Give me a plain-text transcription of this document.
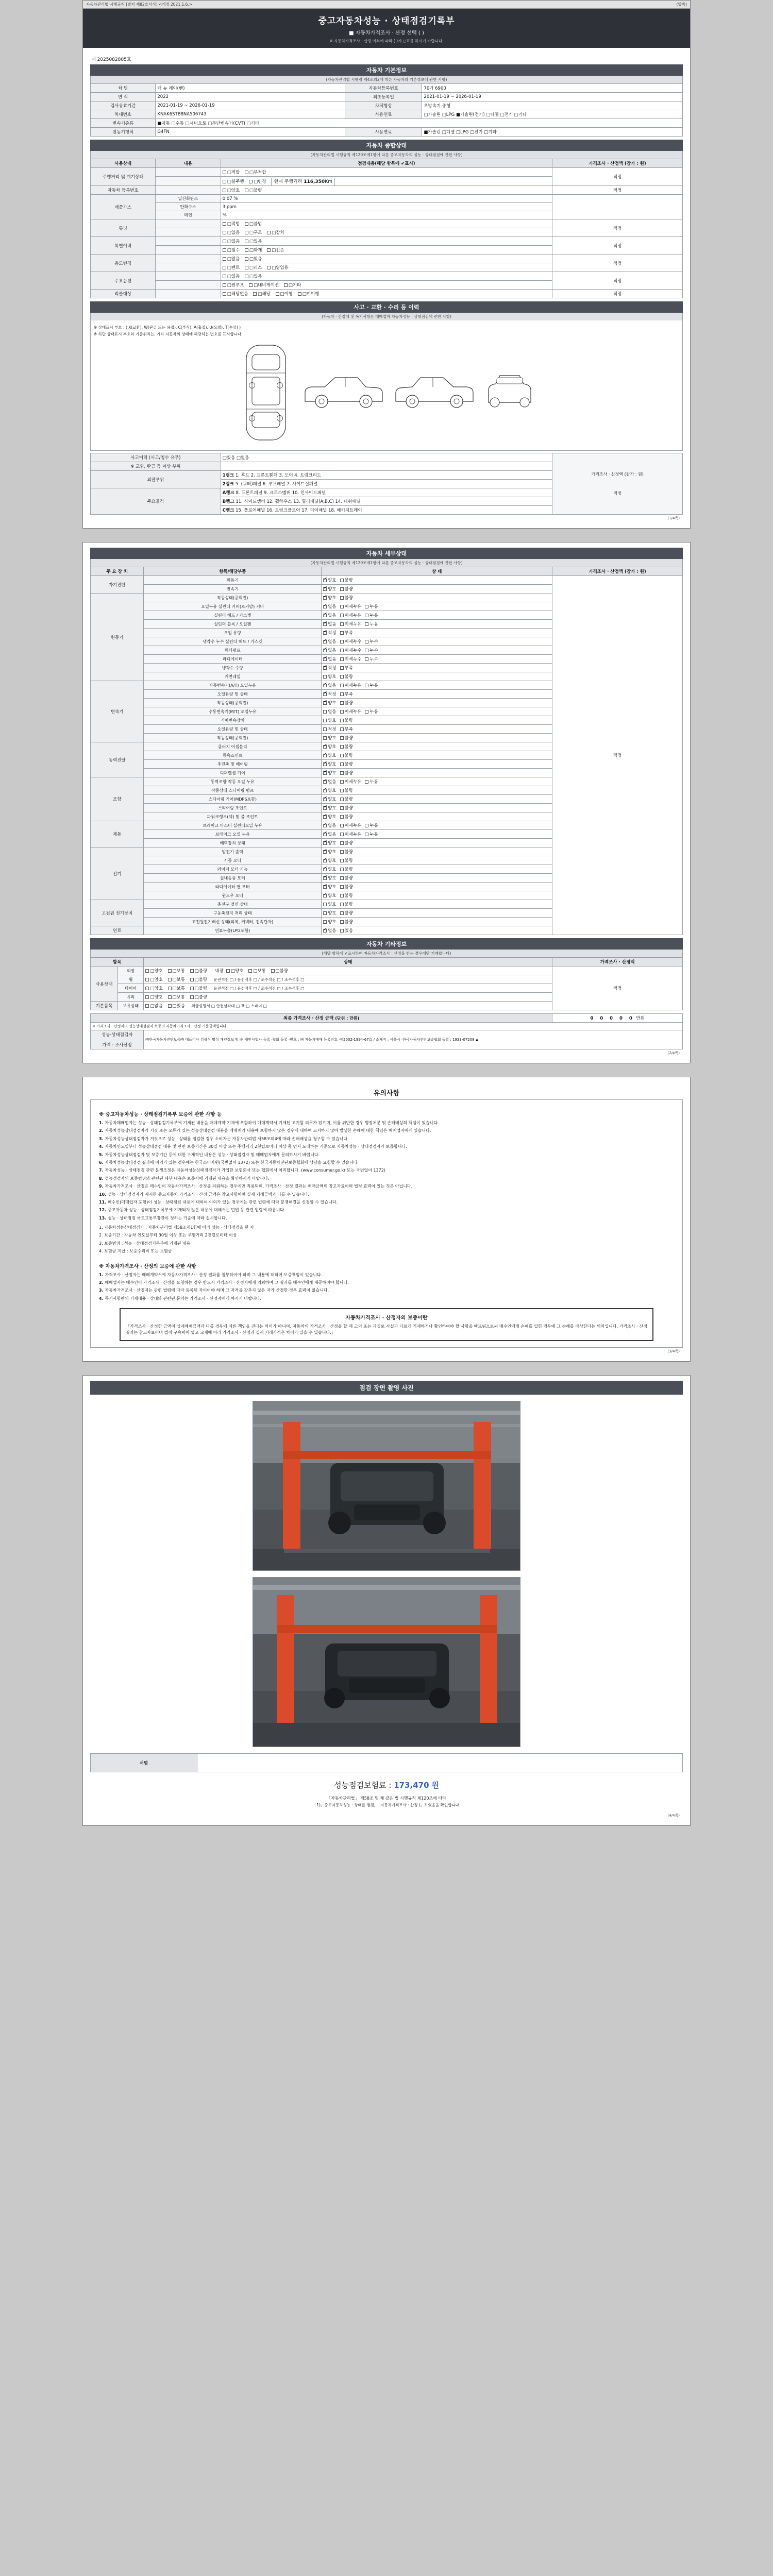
자동차관리법 시행규칙 [별지 제82호서식] <개정 2021.1.6.>	(앞쪽)
중고자동차성능 · 상태점검기록부
■ 자동차가격조사 · 산정 선택 ( )
※ 자동차가격조사 · 산정 여부에 따라 ( )에 ○표를 하시기 바랍니다.
제 2025082805호
자동차 기본정보
(자동차관리법 시행령 제4조의2에 따른 자동차의 기본정보에 관한 사항)
차 명	더 뉴 레이(밴)	자동차등록번호	70가 6900
연 식	2022	최초등록일	2021-01-19 ~ 2026-01-19
검사유효기간	2021-01-19 ~ 2026-01-19	차체형상	초방속기 중형
차대번호	KNAK6STB8NA506743	사용연료	□가솔린 □LPG ■가솔린(전기) □디젤 □전기 □기타
변속기종류	■자동 □수동 □세미오토 □무단변속기(CVT) □기타		
원동기형식	G4FN	사용연료	■가솔린 □디젤 □LPG □전기 □기타
자동차 종합상태
(자동차관리법 시행규칙 제120조제1항에 따른 중고자동차의 성능 · 상태점검에 관한 사항)
사용상태	내용	점검내용(해당 항목에 ✔표시)	가격조사 · 산정액 (감가 : 원)
주행거리 및 계기상태		□적합 □부적합	적정
		□실주행 □변경 현재 주행거리 116,350Km	
자동차 등록번호		□양호 □불량	적정
배출가스	일산화탄소	0.07 %	
	탄화수소	3 ppm	
	매연	%	
튜닝		□적법 □불법	적정
		□없음 □구조 □장치	
특별이력		□없음 □있음	적정
		□침수 □화재 □전손	
용도변경		□없음 □있음	적정
		□렌트 □리스 □영업용	
주요옵션		□없음 □있음	적정
		□썬루프 □내비게이션 □기타	
리콜대상		□해당없음 □해당 □이행 □미이행	적정
사고 · 교환 · 수리 등 이력
(자동차 · 산정에 및 복기사항은 매매업자 자동차성능 · 상태점검에 관한 사항)
※ 상태표시 부호 : ( X(교환), W(판금 또는 용접), C(부식), A(흠집), U(요철), T(손상) )
※ 하단 상태표시 부호와 기준위치는, 기타 자동차의 상태에 해당하는 번호를 표시합니다.
사고이력 (사고/침수 유무)	□있음 □없음	가격조사 · 산정액 (감가 : 원)
적정

※ 교환, 판금 등 이상 부위		
외판부위	1랭크 1. 후드 2. 프론트휀더 3. 도어 4. 트렁크리드	
	2랭크 5. (쿼터)패널 6. 루프패널 7. 사이드실패널	
주요골격	A랭크 8. 프론트패널 9. 크로스멤버 10. 인사이드패널	
	B랭크 11. 사이드멤버 12. 휠하우스 13. 필러패널(A,B,C) 14. 대쉬패널	
	C랭크 15. 플로어패널 16. 트렁크플로어 17. 리어패널 18. 패키지트레이	
(1/4쪽)
자동차 세부상태
(자동차관리법 시행규칙 제120조제1항에 따른 중고자동차의 성능 · 상태점검에 관한 사항)
주 요 장 치	항목/해당부품	상 태	가격조사 · 산정액 (감가 : 원)
자기진단	원동기	✔양호 불량	적정
	변속기	✔양호 불량
원동기	작동상태(공회전)	✔양호 불량
	오일누유 실린더 커버(로커암) 커버	✔없음 미세누유 누유
	실린더 헤드 / 가스켓	✔없음 미세누유 누유
	실린더 블록 / 오일팬	✔없음 미세누유 누유
	오일 유량	✔적정 부족
	냉각수 누수 실린더 헤드 / 가스켓	✔없음 미세누수 누수
	워터펌프	✔없음 미세누수 누수
	라디에이터	✔없음 미세누수 누수
	냉각수 수량	✔적정 부족
	커먼레일	양호 불량	
변속기	자동변속기(A/T) 오일누유	✔없음 미세누유 누유
	오일유량 및 상태	✔적정 부족
	작동상태(공회전)	✔양호 불량
	수동변속기(M/T) 오일누유	없음 미세누유 누유	
	기어변속장치	양호 불량	
	오일유량 및 상태	적정 부족	
	작동상태(공회전)	양호 불량	
동력전달	클러치 어셈블리	✔양호 불량
	등속죠인트	✔양호 불량
	추진축 및 베어링	✔양호 불량
	디퍼렌셜 기어	✔양호 불량
조향	동력조향 작동 오일 누유	✔없음 미세누유 누유
	작동상태 스티어링 펌프	✔양호 불량
	스티어링 기어(MDPS포함)	✔양호 불량
	스티어링 조인트	✔양호 불량
	파워크랭크(랙) 및 볼 조인트	✔양호 불량
제동	브레이크 마스터 실린더오일 누유	✔없음 미세누유 누유
	브레이크 오일 누유	✔없음 미세누유 누유
	배력장치 상태	✔양호 불량
전기	발전기 출력	✔양호 불량
	시동 모터	✔양호 불량
	와이퍼 모터 기능	✔양호 불량
	실내송풍 모터	✔양호 불량
	라디에이터 팬 모터	✔양호 불량
	윈도우 모터	✔양호 불량
고전원 전기장치	충전구 절연 상태	양호 불량	
	구동축전지 격리 상태	양호 불량	
	고전원전기배선 상태(피복, 커넥터, 접속단자)	양호 불량	
연료	연료누출(LPG포함)	✔없음 있음
자동차 기타정보
(해당 항목에 ✔표시하여 자동차가격조사 · 산정을 받는 경우에만 기재합니다)
항목		상태	가격조사 · 산정액
사용상태	외장	□양호 □보통 □불량 내장 □양호 □보통 □불량	적정
	휠	□양호 □보통 □불량 운전석전 □ / 운전석후 □ / 조수석전 □ / 조수석후 □	
	타이어	□양호 □보통 □불량 운전석전 □ / 운전석후 □ / 조수석전 □ / 조수석후 □	
	유리	□양호 □보통 □불량	
기본품목	보유상태	□없음 □있음 취급설명서 □ 안전삼각대 □ 잭 □ 스패너 □	
최종 가격조사 · 산정 금액 (단위 : 만원)		0 0 0 0 0 만원
※ 가격조사 · 산정자의 성능상태점검자 보증의 자동차가격조사 · 산정 기준금액입니다.		

성능·상태점검자
가격 · 조사산정	㈜한국자동차진단보증㈜ 대표이사 김광식 명성 개인정보 및 ㈜ 개인사업자 등록 ·협회 등록 ·번호 : ㈜ 자동차매매 등록번호 ·제2002-1994-67호 / 소재지 : 서울시 ·한국자동차진단보증협회 등록 : 1933-07208 ▲	
(2/4쪽)
유의사항
※ 중고자동차성능 · 상태점검기록부 보증에 관한 사항 등
1. 자동차매매업자는 성능 · 상태점검기록부에 기재된 내용을 매매계약 기재에 포함하여 매매계약서 기재된 고지할 의무가 있으며, 이를 위반한 경우 행정처분 및 손해배상의 책임이 있습니다.
2. 자동차성능상태점검자가 거짓 또는 오류가 있는 성능상태점검 내용을 매매계약 내용에 포함하지 않은 경우에 대하여 고지하지 않아 발생한 손해에 대한 책임은 매매업자에게 있습니다.
3. 자동차성능상태점검자가 거짓으로 성능 · 상태를 점검한 경우 소비자는 자동차관리법 제58조의4에 따라 손해배상을 청구할 수 있습니다.
4. 자동차인도일부터 성능상태점검 내용 및 관련 보증기간은 30일 이상 또는 주행거리 2천킬로미터 이상 중 먼저 도래하는 기준으로 자동차성능 · 상태점검자가 보증합니다.
5. 자동차성능상태점검자 및 보증기간 등에 대한 구체적인 내용은 성능 · 상태점검자 및 매매업자에게 문의하시기 바랍니다.
6. 자동차성능상태점검 결과에 이의가 있는 경우에는 한국소비자원(국번없이 1372) 또는 한국자동차진단보증협회에 상담을 요청할 수 있습니다.
7. 자동차성능 · 상태점검 관련 분쟁조정은 자동차성능상태점검자가 가입한 보험회사 또는 협회에서 처리합니다. (www.consumer.go.kr 또는 국번없이 1372)
8. 성능점검자의 보증범위와 관련된 세부 내용은 보증서에 기재된 내용을 확인하시기 바랍니다.
9. 자동차가격조사 · 산정은 매수인이 자동차가격조사 · 산정을 의뢰하는 경우에만 적용되며, 가격조사 · 산정 결과는 매매금액의 참고자료이며 법적 효력이 있는 것은 아닙니다.
10. 성능 · 상태점검자가 제시한 중고자동차 가격조사 · 산정 금액은 참고사항이며 실제 거래금액과 다를 수 있습니다.
11. 매수인(매매업자 포함)이 성능 · 상태점검 내용에 대하여 이의가 있는 경우에는 관련 법령에 따라 분쟁해결을 신청할 수 있습니다.
12. 중고자동차 성능 · 상태점검기록부에 기재되지 않은 내용에 대해서는 민법 등 관련 법령에 따릅니다.
13. 성능 · 상태점검 국토교통부장관이 정하는 기준에 따라 실시합니다.
1. 자동차성능상태점검자 : 자동차관리법 제58조제1항에 따라 성능 · 상태점검을 한 자
2. 보증기간 : 자동차 인도일부터 30일 이상 또는 주행거리 2천킬로미터 이상
3. 보증범위 : 성능 · 상태점검기록부에 기재된 내용
4. 보험금 지급 : 보증수리비 또는 보험금
※ 자동차가격조사 · 산정의 보증에 관한 사항
1. 가격조사 · 산정자는 매매계약서에 자동차가격조사 · 산정 결과를 첨부하여야 하며 그 내용에 대하여 보증책임이 있습니다.
2. 매매업자는 매수인이 가격조사 · 산정을 요청하는 경우 반드시 가격조사 · 산정자에게 의뢰하여 그 결과를 매수인에게 제공하여야 합니다.
3. 자동차가격조사 · 산정자는 관련 법령에 따라 등록된 자이어야 하며 그 자격을 갖추지 않은 자가 산정한 경우 효력이 없습니다.
4. 특기사항란의 기재내용 · 상태와 관련된 문의는 가격조사 · 산정자에게 하시기 바랍니다.
자동차가격조사 · 산정자의 보증이란
「가격조사 · 산정한 금액이 실제매매금액과 다를 경우에 따른 책임을 진다는 의미가 아니며, 자동차의 가격조사 · 산정을 할 때 고의 또는 과실로 사실과 다르게 기재하거나 확인하여야 할 사항을 빠뜨림으로써 매수인에게 손해를 입힌 경우에 그 손해를 배상한다는 의미입니다. 가격조사 · 산정 결과는 참고자료이며 법적 구속력이 없고 교재에 따라 가격조사 · 산정과 실제 거래가격은 차이가 있을 수 있습니다.」
(3/4쪽)
점검 장면 촬영 사진
서명	
성능점검보험료 : 173,470 원
「자동차관리법」 제58조 및 제 같은 법 시행규칙 제120조에 따라
「1)」중고자동차성능 · 상태를 점검, 「자동차가격조사 · 산정 )」하였음을 확인합니다.
(4/4쪽)
